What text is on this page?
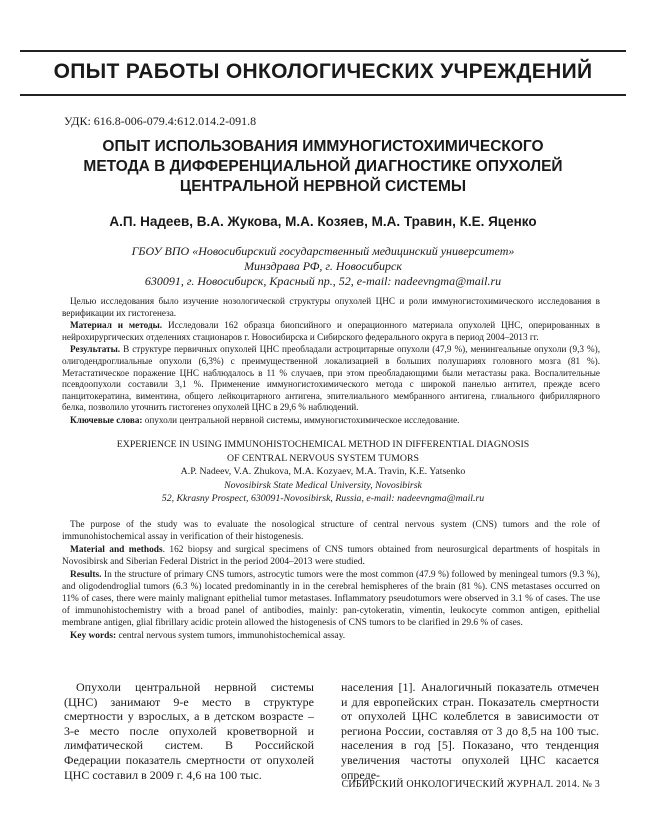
ОПЫТ РАБОТЫ ОНКОЛОГИЧЕСКИХ УЧРЕЖДЕНИЙ
УДК: 616.8-006-079.4:612.014.2-091.8
ОПЫТ ИСПОЛЬЗОВАНИЯ ИММУНОГИСТОХИМИЧЕСКОГО
МЕТОДА В ДИФФЕРЕНЦИАЛЬНОЙ ДИАГНОСТИКЕ ОПУХОЛЕЙ
ЦЕНТРАЛЬНОЙ НЕРВНОЙ СИСТЕМЫ
А.П. Надеев, В.А. Жукова, М.А. Козяев, М.А. Травин, К.Е. Яценко
ГБОУ ВПО «Новосибирский государственный медицинский университет»
Минздрава РФ, г. Новосибирск
630091, г. Новосибирск, Красный пр., 52, e-mail: nadeevngma@mail.ru

Целью исследования было изучение нозологической структуры опухолей ЦНС и роли иммуногистохимического исследования в верификации их гистогенеза.

Материал и методы. Исследовали 162 образца биопсийного и операционного материала опухолей ЦНС, оперированных в нейрохирургических отделениях стационаров г. Новосибирска и Сибирского федерального округа в период 2004–2013 гг.

Результаты. В структуре первичных опухолей ЦНС преобладали астроцитарные опухоли (47,9 %), менингеальные опухоли (9,3 %), олигодендроглиальные опухоли (6,3%) с преимущественной локализацией в больших полушариях головного мозга (81 %). Метастатическое поражение ЦНС наблюдалось в 11 % случаев, при этом преобладающими были метастазы рака. Воспалительные псевдоопухоли составили 3,1 %. Применение иммуногистохимического метода с широкой панелью антител, прежде всего панцитокератина, виментина, общего лейкоцитарного антигена, эпителиального мембранного антигена, глиального фибриллярного белка, позволило уточнить гистогенез опухолей ЦНС в 29,6 % наблюдений.

Ключевые слова: опухоли центральной нервной системы, иммуногистохимическое исследование.

EXPERIENCE IN USING IMMUNOHISTOCHEMICAL METHOD IN DIFFERENTIAL DIAGNOSIS
OF CENTRAL NERVOUS SYSTEM TUMORS
A.P. Nadeev, V.A. Zhukova, M.A. Kozyaev, M.A. Travin, K.E. Yatsenko
Novosibirsk State Medical University, Novosibirsk
52, Kkrasny Prospect, 630091-Novosibirsk, Russia, e-mail: nadeevngma@mail.ru

The purpose of the study was to evaluate the nosological structure of central nervous system (CNS) tumors and the role of immunohistochemical assay in verification of their histogenesis.

Material and methods. 162 biopsy and surgical specimens of CNS tumors obtained from neurosurgical departments of hospitals in Novosibirsk and Siberian Federal District in the period 2004–2013 were studied.

Results. In the structure of primary CNS tumors, astrocytic tumors were the most common (47.9 %) followed by meningeal tumors (9.3 %), and oligodendroglial tumors (6.3 %) located predominantly in in the cerebral hemispheres of the brain (81 %). CNS metastases occurred on 11% of cases, there were mainly malignant epithelial tumor metastases. Inflammatory pseudotumors were observed in 3.1 % of cases. The use of immunohistochemistry with a broad panel of antibodies, mainly: pan-cytokeratin, vimentin, leukocyte common antigen, epithelial membrane antigen, glial fibrillary acidic protein allowed the histogenesis of CNS tumors to be clarified in 29.6 % of cases.

Key words: central nervous system tumors, immunohistochemical assay.

Опухоли центральной нервной системы (ЦНС) занимают 9-е место в структуре смертности у взрослых, а в детском возрасте – 3-е место после опухолей кроветворной и лимфатической систем. В Российской Федерации показатель смертности от опухолей ЦНС составил в 2009 г. 4,6 на 100 тыс.

населения [1]. Аналогичный показатель отмечен и для европейских стран. Показатель смертности от опухолей ЦНС колеблется в зависимости от региона России, составляя от 3 до 8,5 на 100 тыс. населения в год [5]. Показано, что тенденция увеличения частоты опухолей ЦНС касается опреде-

СИБИРСКИЙ ОНКОЛОГИЧЕСКИЙ ЖУРНАЛ. 2014. № 3
